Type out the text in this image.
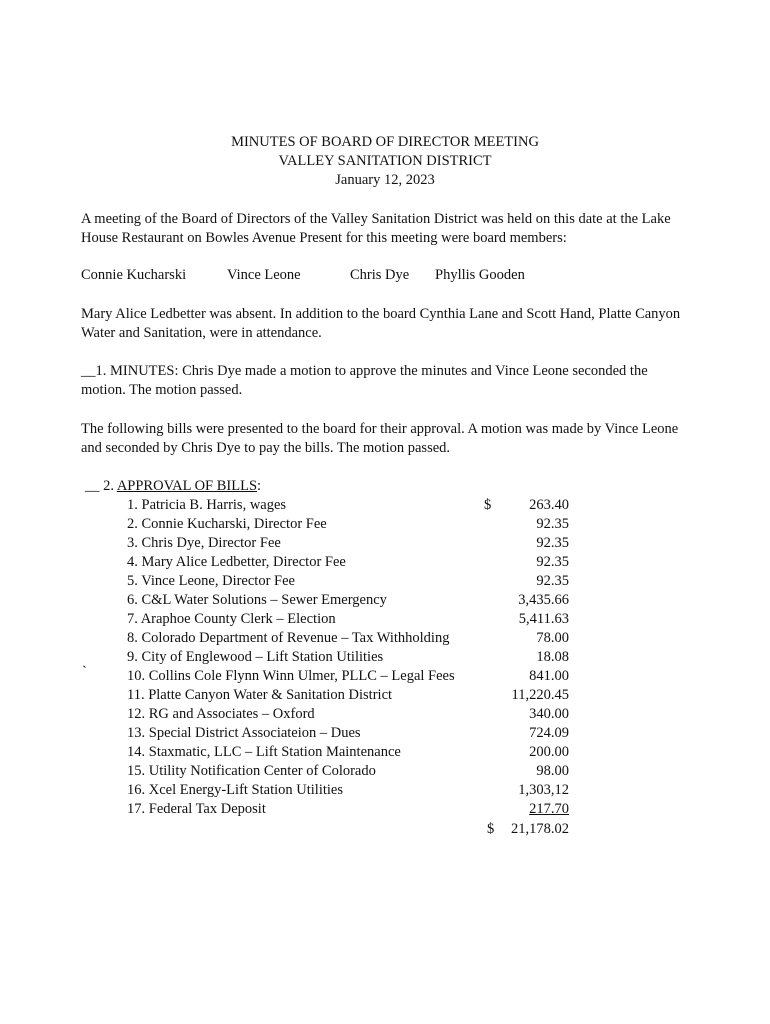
MINUTES OF BOARD OF DIRECTOR MEETING
VALLEY SANITATION DISTRICT
January 12, 2023
A meeting of the Board of Directors of the Valley Sanitation District was held on this date at the Lake House Restaurant on Bowles Avenue Present for this meeting were board members:
Connie Kucharski	Vince Leone	Chris Dye Phyllis Gooden
Mary Alice Ledbetter was absent. In addition to the board Cynthia Lane and Scott Hand, Platte Canyon Water and Sanitation, were in attendance.
__1. MINUTES: Chris Dye made a motion to approve the minutes and Vince Leone seconded the motion. The motion passed.
The following bills were presented to the board for their approval. A motion was made by Vince Leone and seconded by Chris Dye to pay the bills. The motion passed.
__ 2. APPROVAL OF BILLS:
1. Patricia B. Harris, wages	$	263.40
2. Connie Kucharski, Director Fee	92.35
3. Chris Dye, Director Fee	92.35
4. Mary Alice Ledbetter, Director Fee	92.35
5. Vince Leone, Director Fee	92.35
6. C&L Water Solutions – Sewer Emergency	3,435.66
7. Araphoe County Clerk – Election	5,411.63
8. Colorado Department of Revenue – Tax Withholding	78.00
9. City of Englewood – Lift Station Utilities	18.08
10. Collins Cole Flynn Winn Ulmer, PLLC – Legal Fees	841.00
11. Platte Canyon Water & Sanitation District	11,220.45
12. RG and Associates – Oxford	340.00
13. Special District Associateion – Dues	724.09
14. Staxmatic, LLC – Lift Station Maintenance	200.00
15. Utility Notification Center of Colorado	98.00
16. Xcel Energy-Lift Station Utilities	1,303,12
17. Federal Tax Deposit	217.70
`
$ 21,178.02
